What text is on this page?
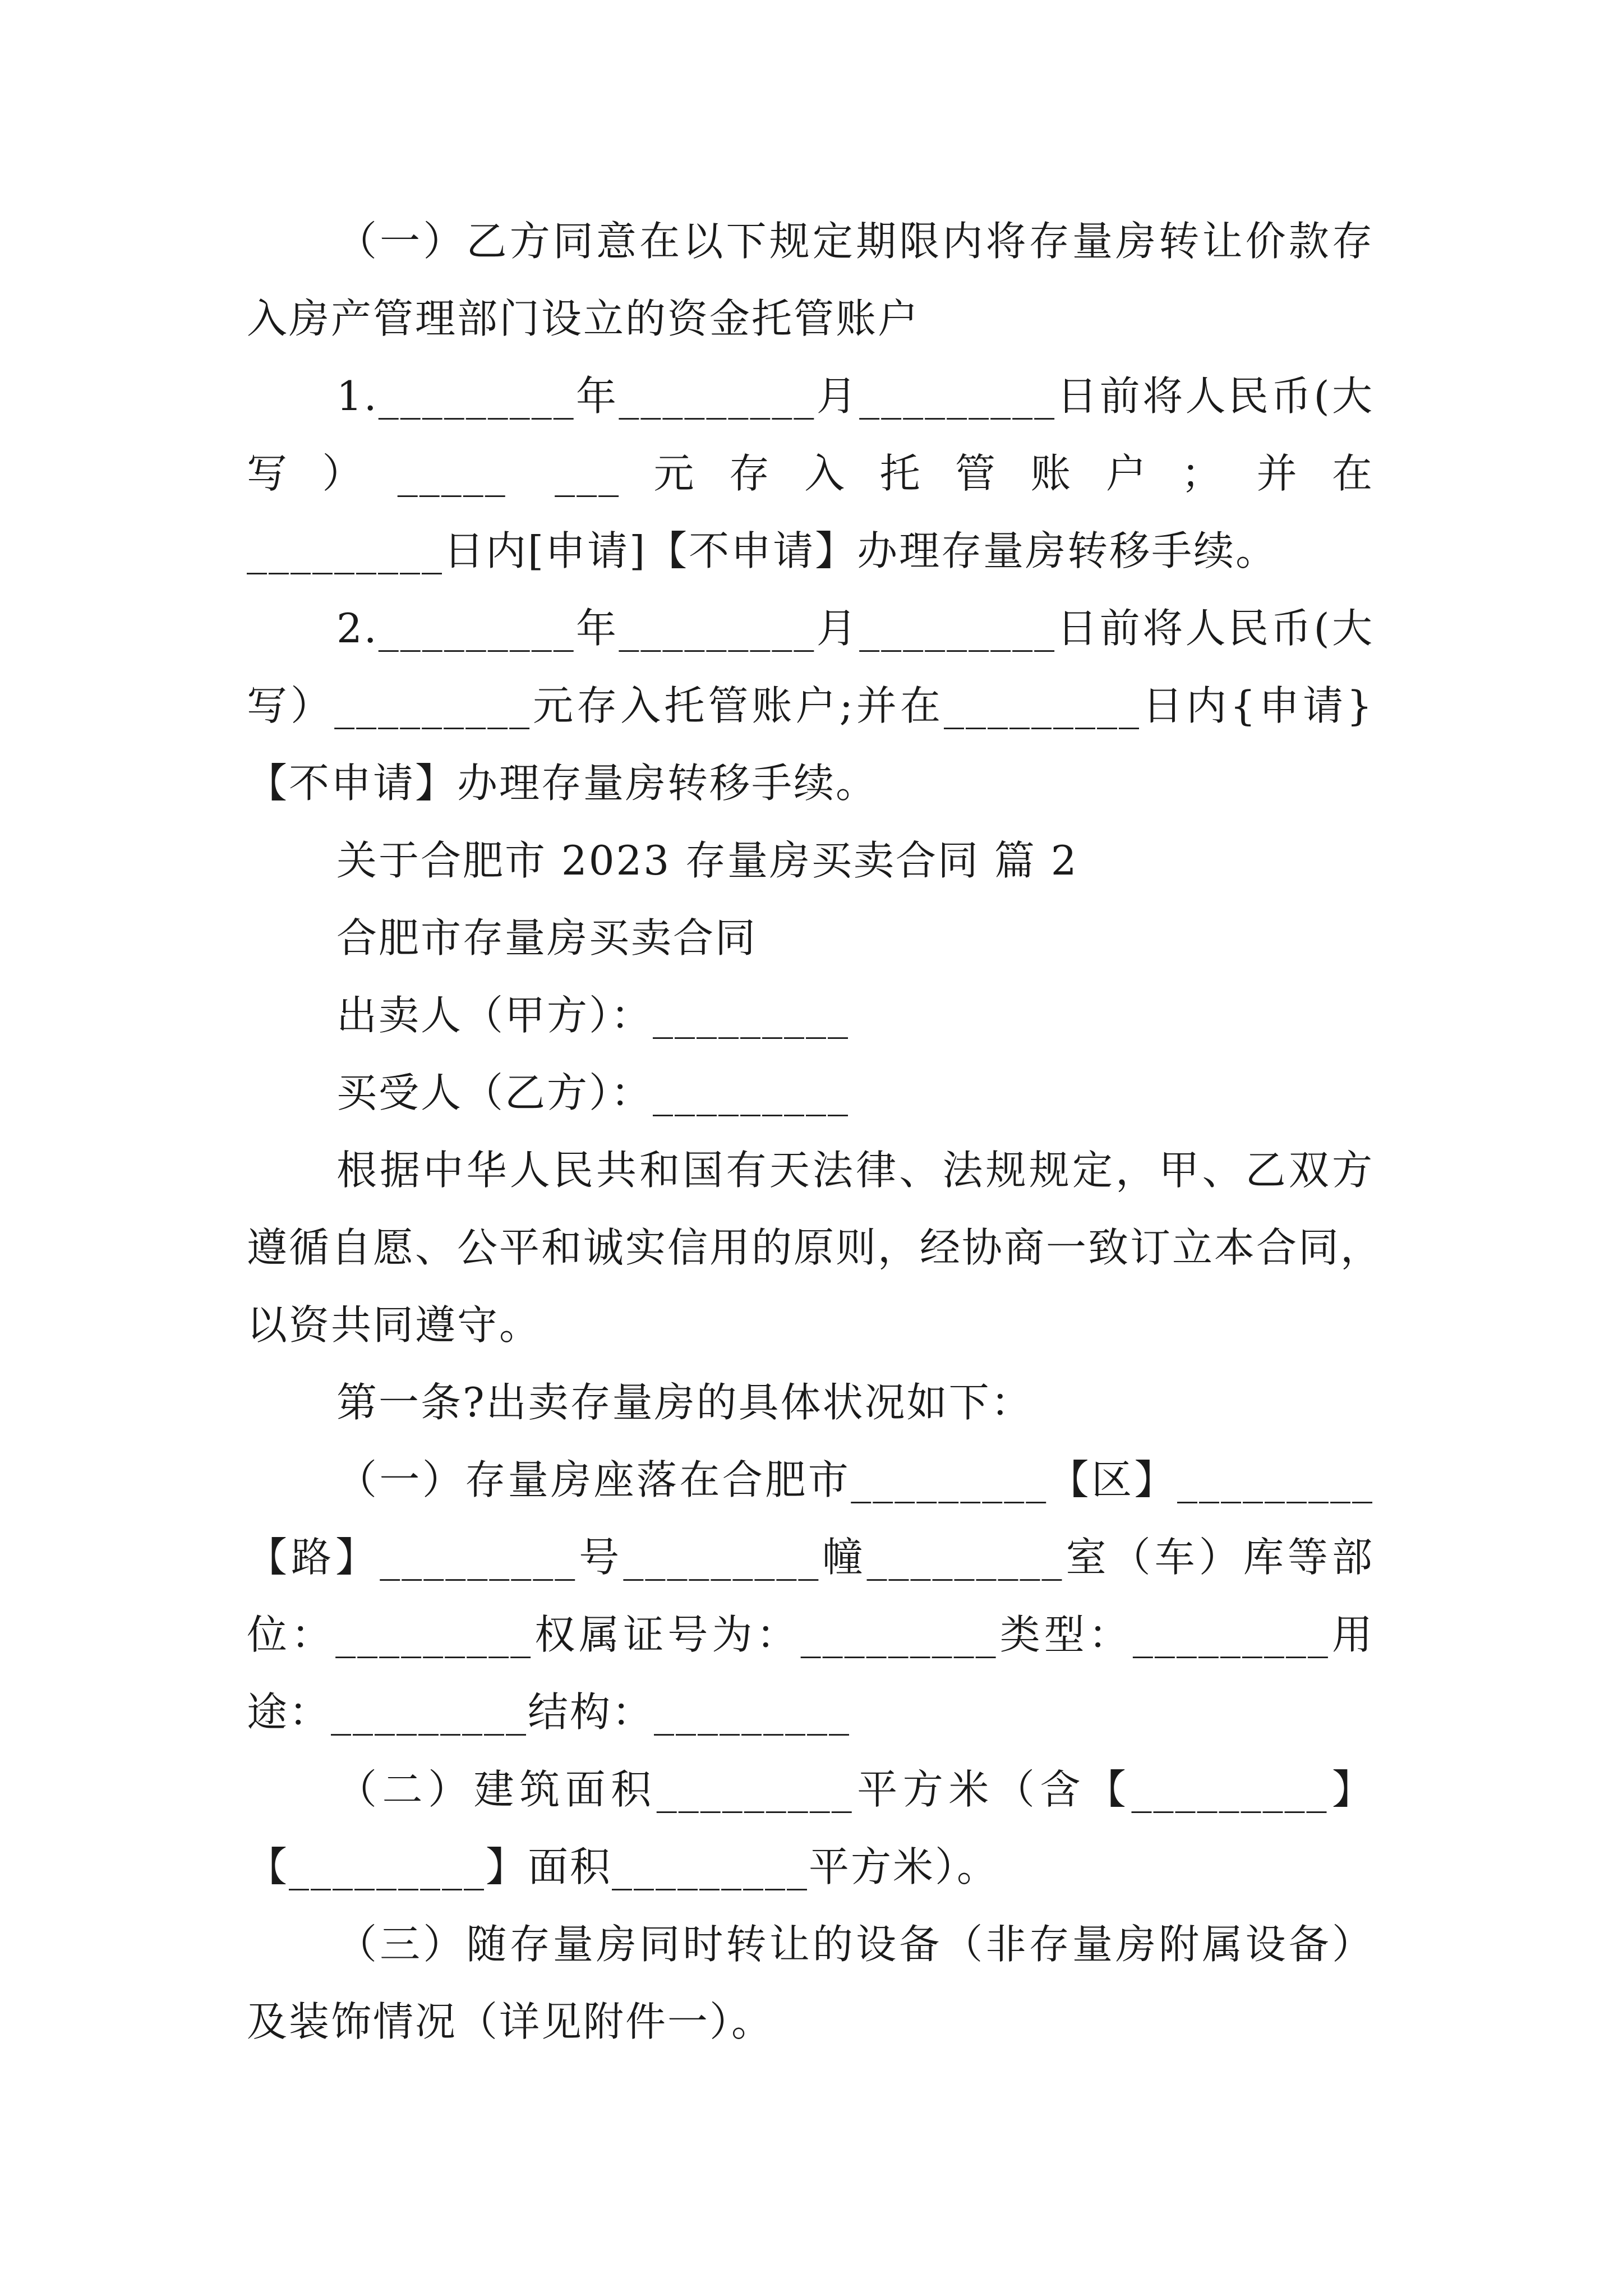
（一）乙方同意在以下规定期限内将存量房转让价款存
入房产管理部门设立的资金托管账户
1._________年_________月_________日前将人民币(大
写）_____ ___元存入托管账户；并在
_________日内[申请]【不申请】办理存量房转移手续。
2._________年_________月_________日前将人民币(大
写）_________元存入托管账户;并在_________日内{申请}
【不申请】办理存量房转移手续。
关于合肥市 2023 存量房买卖合同 篇 2
合肥市存量房买卖合同
出卖人（甲方）：_________
买受人（乙方）：_________
根据中华人民共和国有天法律、法规规定，甲、乙双方
遵循自愿、公平和诚实信用的原则，经协商一致订立本合同，
以资共同遵守。
第一条?出卖存量房的具体状况如下：
（一）存量房座落在合肥市_________【区】_________
【路】_________号_________幢_________室（车）库等部
位：_________权属证号为：_________类型：_________用
途：_________结构：_________
（二）建筑面积_________平方米（含【_________】
【_________】面积_________平方米）。
（三）随存量房同时转让的设备（非存量房附属设备）
及装饰情况（详见附件一）。
